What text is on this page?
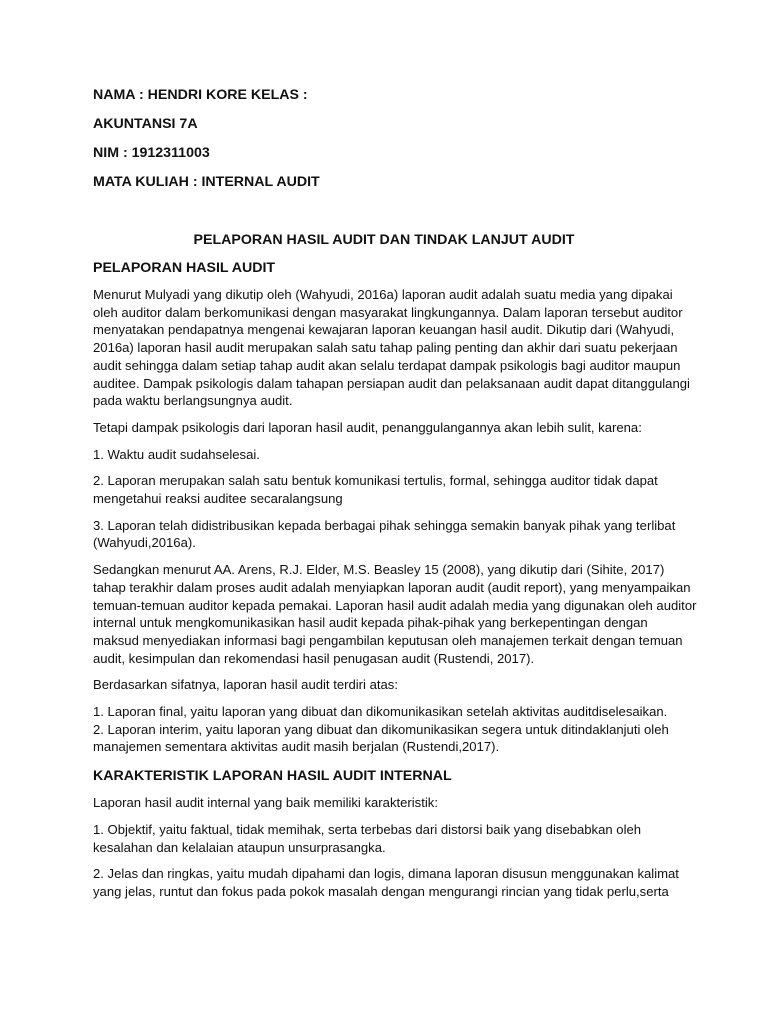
NAMA : HENDRI KORE KELAS :
AKUNTANSI 7A
NIM : 1912311003
MATA KULIAH : INTERNAL AUDIT
PELAPORAN HASIL AUDIT DAN TINDAK LANJUT AUDIT
PELAPORAN HASIL AUDIT

Menurut Mulyadi yang dikutip oleh (Wahyudi, 2016a) laporan audit adalah suatu media yang dipakai oleh auditor dalam berkomunikasi dengan masyarakat lingkungannya. Dalam laporan tersebut auditor menyatakan pendapatnya mengenai kewajaran laporan keuangan hasil audit. Dikutip dari (Wahyudi, 2016a) laporan hasil audit merupakan salah satu tahap paling penting dan akhir dari suatu pekerjaan audit sehingga dalam setiap tahap audit akan selalu terdapat dampak psikologis bagi auditor maupun auditee. Dampak psikologis dalam tahapan persiapan audit dan pelaksanaan audit dapat ditanggulangi pada waktu berlangsungnya audit.

Tetapi dampak psikologis dari laporan hasil audit, penanggulangannya akan lebih sulit, karena:

1. Waktu audit sudahselesai.

2. Laporan merupakan salah satu bentuk komunikasi tertulis, formal, sehingga auditor tidak dapat mengetahui reaksi auditee secaralangsung

3. Laporan telah didistribusikan kepada berbagai pihak sehingga semakin banyak pihak yang terlibat (Wahyudi,2016a).

Sedangkan menurut AA. Arens, R.J. Elder, M.S. Beasley 15 (2008), yang dikutip dari (Sihite, 2017) tahap terakhir dalam proses audit adalah menyiapkan laporan audit (audit report), yang menyampaikan temuan-temuan auditor kepada pemakai. Laporan hasil audit adalah media yang digunakan oleh auditor internal untuk mengkomunikasikan hasil audit kepada pihak-pihak yang berkepentingan dengan maksud menyediakan informasi bagi pengambilan keputusan oleh manajemen terkait dengan temuan audit, kesimpulan dan rekomendasi hasil penugasan audit (Rustendi, 2017).

Berdasarkan sifatnya, laporan hasil audit terdiri atas:

1. Laporan final, yaitu laporan yang dibuat dan dikomunikasikan setelah aktivitas auditdiselesaikan.

2. Laporan interim, yaitu laporan yang dibuat dan dikomunikasikan segera untuk ditindaklanjuti oleh manajemen sementara aktivitas audit masih berjalan (Rustendi,2017).

KARAKTERISTIK LAPORAN HASIL AUDIT INTERNAL

Laporan hasil audit internal yang baik memiliki karakteristik:

1. Objektif, yaitu faktual, tidak memihak, serta terbebas dari distorsi baik yang disebabkan oleh kesalahan dan kelalaian ataupun unsurprasangka.

2. Jelas dan ringkas, yaitu mudah dipahami dan logis, dimana laporan disusun menggunakan kalimat yang jelas, runtut dan fokus pada pokok masalah dengan mengurangi rincian yang tidak perlu,serta
